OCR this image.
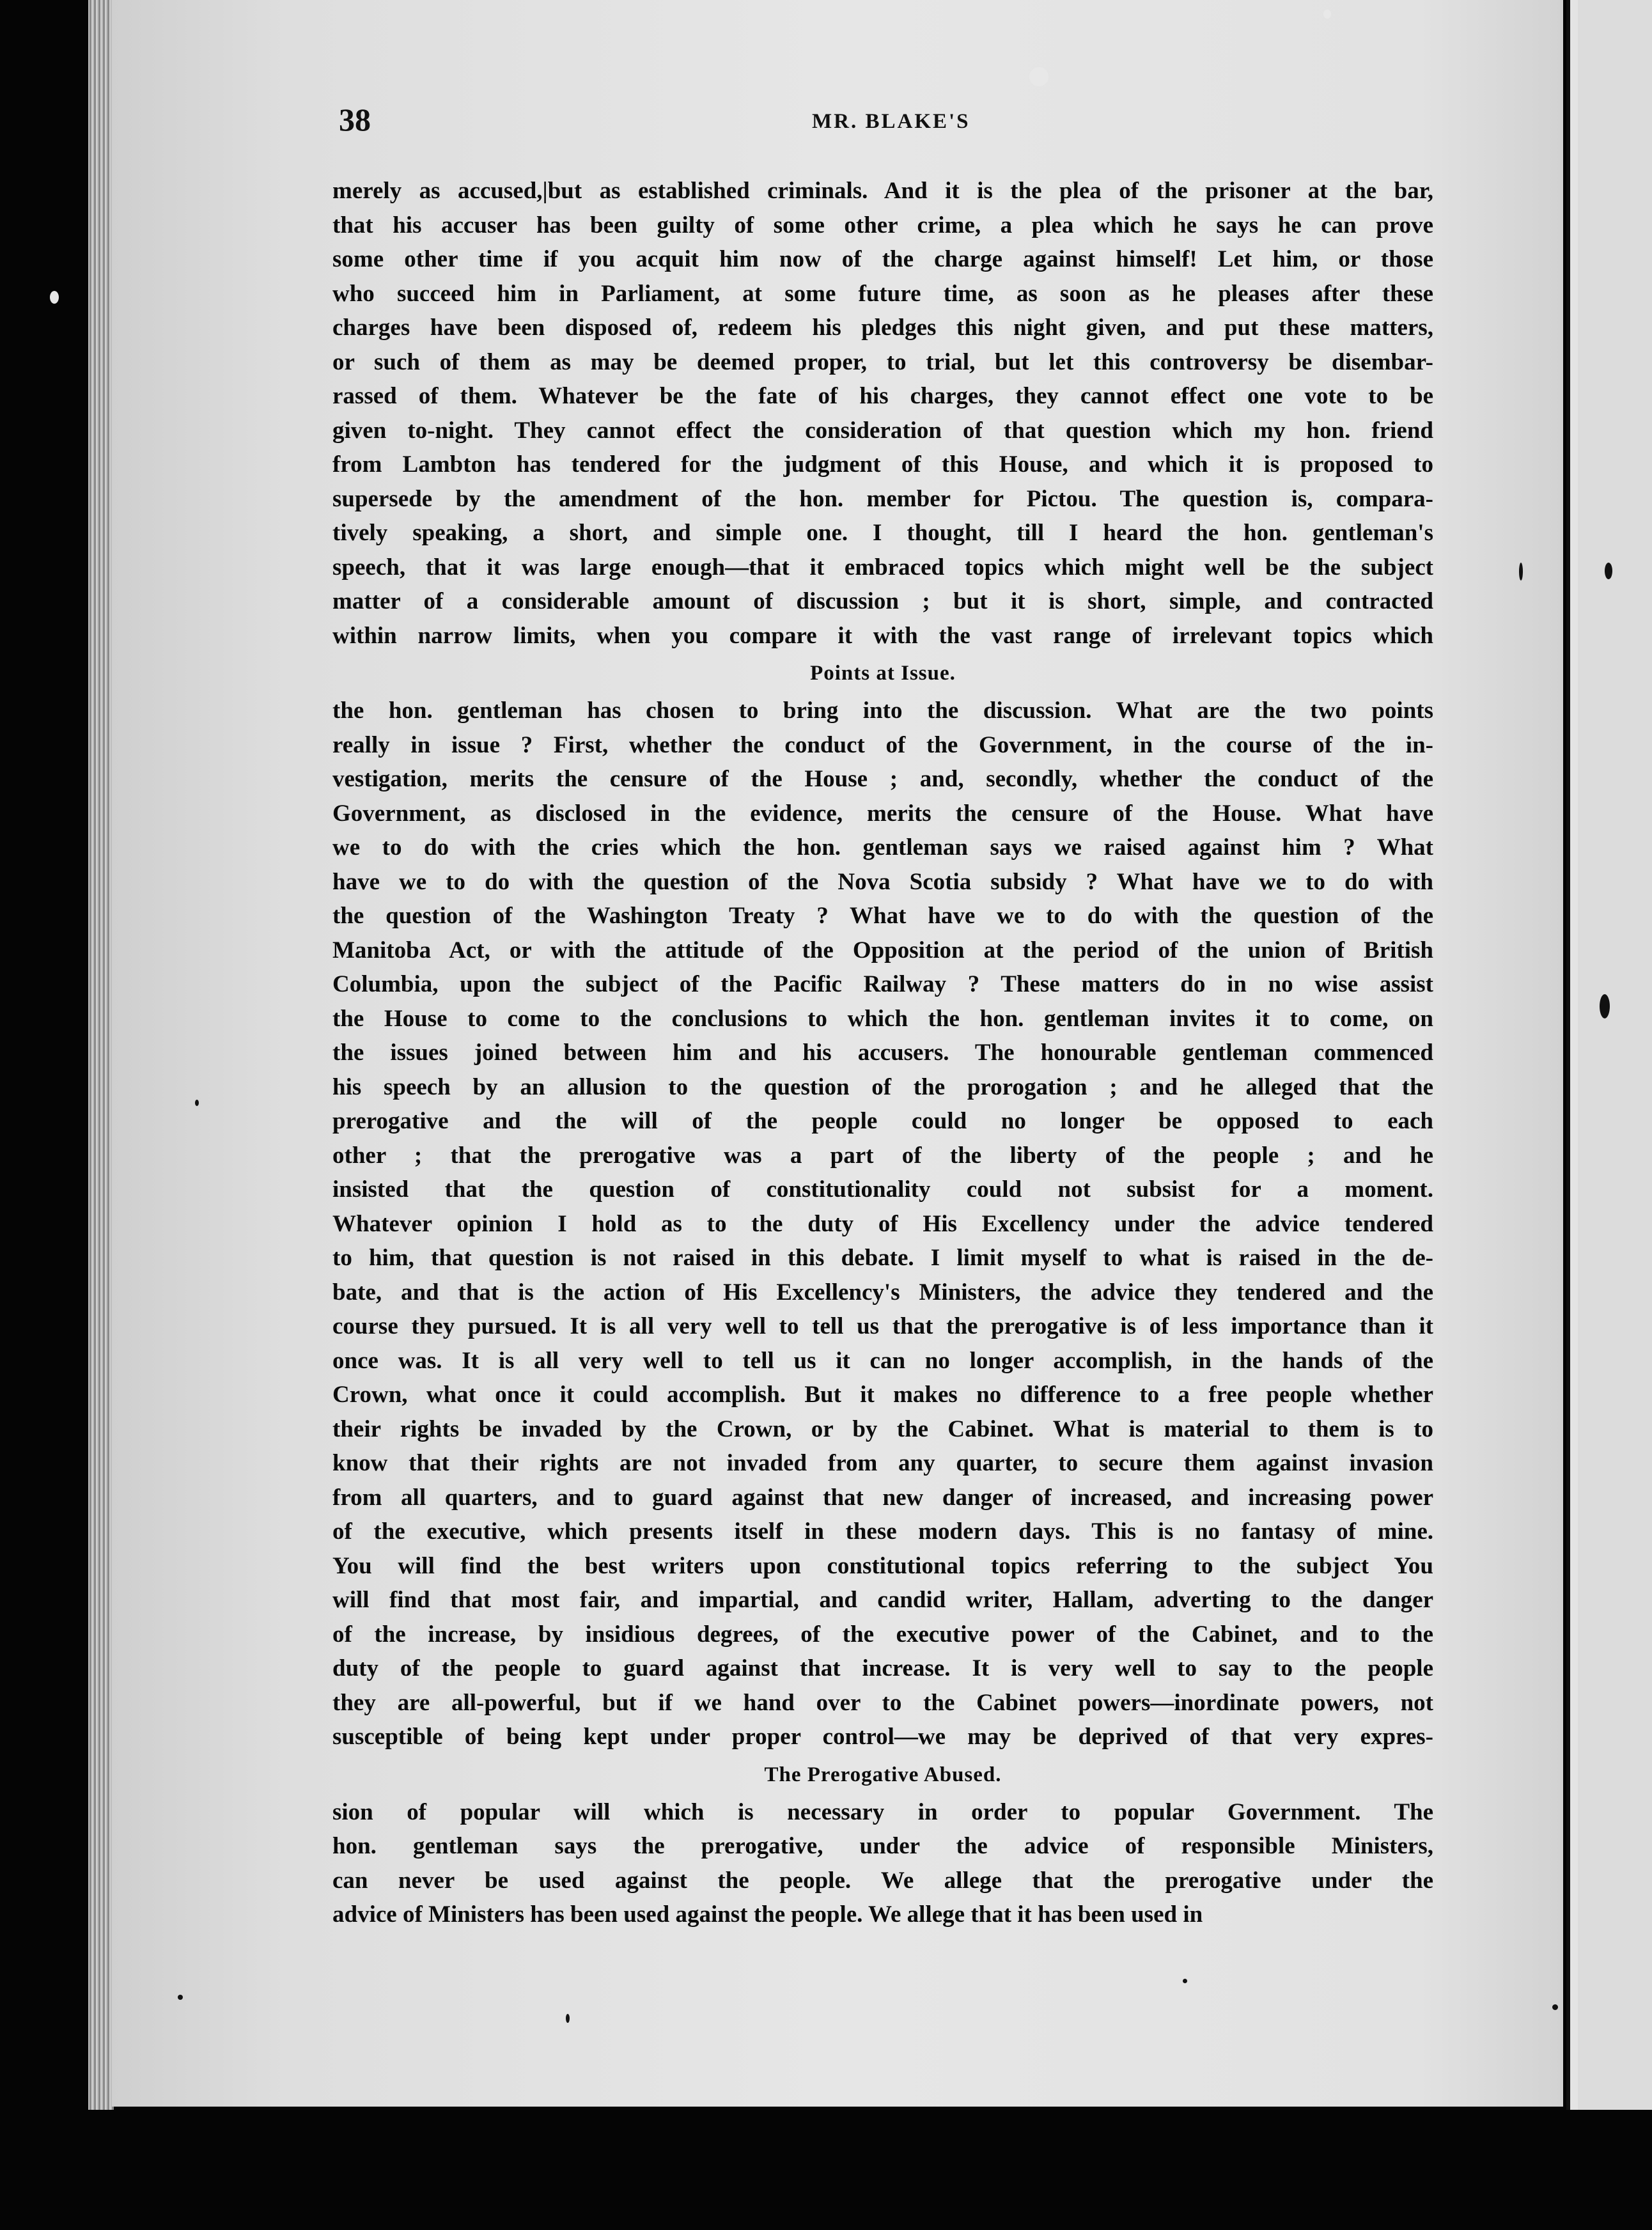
38	MR. BLAKE'S
merely as accused,|but as established criminals. And it is the plea of the prisoner at the bar,
that his accuser has been guilty of some other crime, a plea which he says he can prove
some other time if you acquit him now of the charge against himself! Let him, or those
who succeed him in Parliament, at some future time, as soon as he pleases after these
charges have been disposed of, redeem his pledges this night given, and put these matters,
or such of them as may be deemed proper, to trial, but let this controversy be disembar-
rassed of them. Whatever be the fate of his charges, they cannot effect one vote to be
given to-night. They cannot effect the consideration of that question which my hon. friend
from Lambton has tendered for the judgment of this House, and which it is proposed to
supersede by the amendment of the hon. member for Pictou. The question is, compara-
tively speaking, a short, and simple one. I thought, till I heard the hon. gentleman's
speech, that it was large enough—that it embraced topics which might well be the subject
matter of a considerable amount of discussion ; but it is short, simple, and contracted
within narrow limits, when you compare it with the vast range of irrelevant topics which
Points at Issue.
the hon. gentleman has chosen to bring into the discussion. What are the two points
really in issue ? First, whether the conduct of the Government, in the course of the in-
vestigation, merits the censure of the House ; and, secondly, whether the conduct of the
Government, as disclosed in the evidence, merits the censure of the House. What have
we to do with the cries which the hon. gentleman says we raised against him ? What
have we to do with the question of the Nova Scotia subsidy ? What have we to do with
the question of the Washington Treaty ? What have we to do with the question of the
Manitoba Act, or with the attitude of the Opposition at the period of the union of British
Columbia, upon the subject of the Pacific Railway ? These matters do in no wise assist
the House to come to the conclusions to which the hon. gentleman invites it to come, on
the issues joined between him and his accusers. The honourable gentleman commenced
his speech by an allusion to the question of the prorogation ; and he alleged that the
prerogative and the will of the people could no longer be opposed to each
other ; that the prerogative was a part of the liberty of the people ; and he
insisted that the question of constitutionality could not subsist for a moment.
Whatever opinion I hold as to the duty of His Excellency under the advice tendered
to him, that question is not raised in this debate. I limit myself to what is raised in the de-
bate, and that is the action of His Excellency's Ministers, the advice they tendered and the
course they pursued. It is all very well to tell us that the prerogative is of less importance than it
once was. It is all very well to tell us it can no longer accomplish, in the hands of the
Crown, what once it could accomplish. But it makes no difference to a free people whether
their rights be invaded by the Crown, or by the Cabinet. What is material to them is to
know that their rights are not invaded from any quarter, to secure them against invasion
from all quarters, and to guard against that new danger of increased, and increasing power
of the executive, which presents itself in these modern days. This is no fantasy of mine.
You will find the best writers upon constitutional topics referring to the subject You
will find that most fair, and impartial, and candid writer, Hallam, adverting to the danger
of the increase, by insidious degrees, of the executive power of the Cabinet, and to the
duty of the people to guard against that increase. It is very well to say to the people
they are all-powerful, but if we hand over to the Cabinet powers—inordinate powers, not
susceptible of being kept under proper control—we may be deprived of that very expres-
The Prerogative Abused.
sion of popular will which is necessary in order to popular Government. The
hon. gentleman says the prerogative, under the advice of responsible Ministers,
can never be used against the people. We allege that the prerogative under the
advice of Ministers has been used against the people. We allege that it has been used in
